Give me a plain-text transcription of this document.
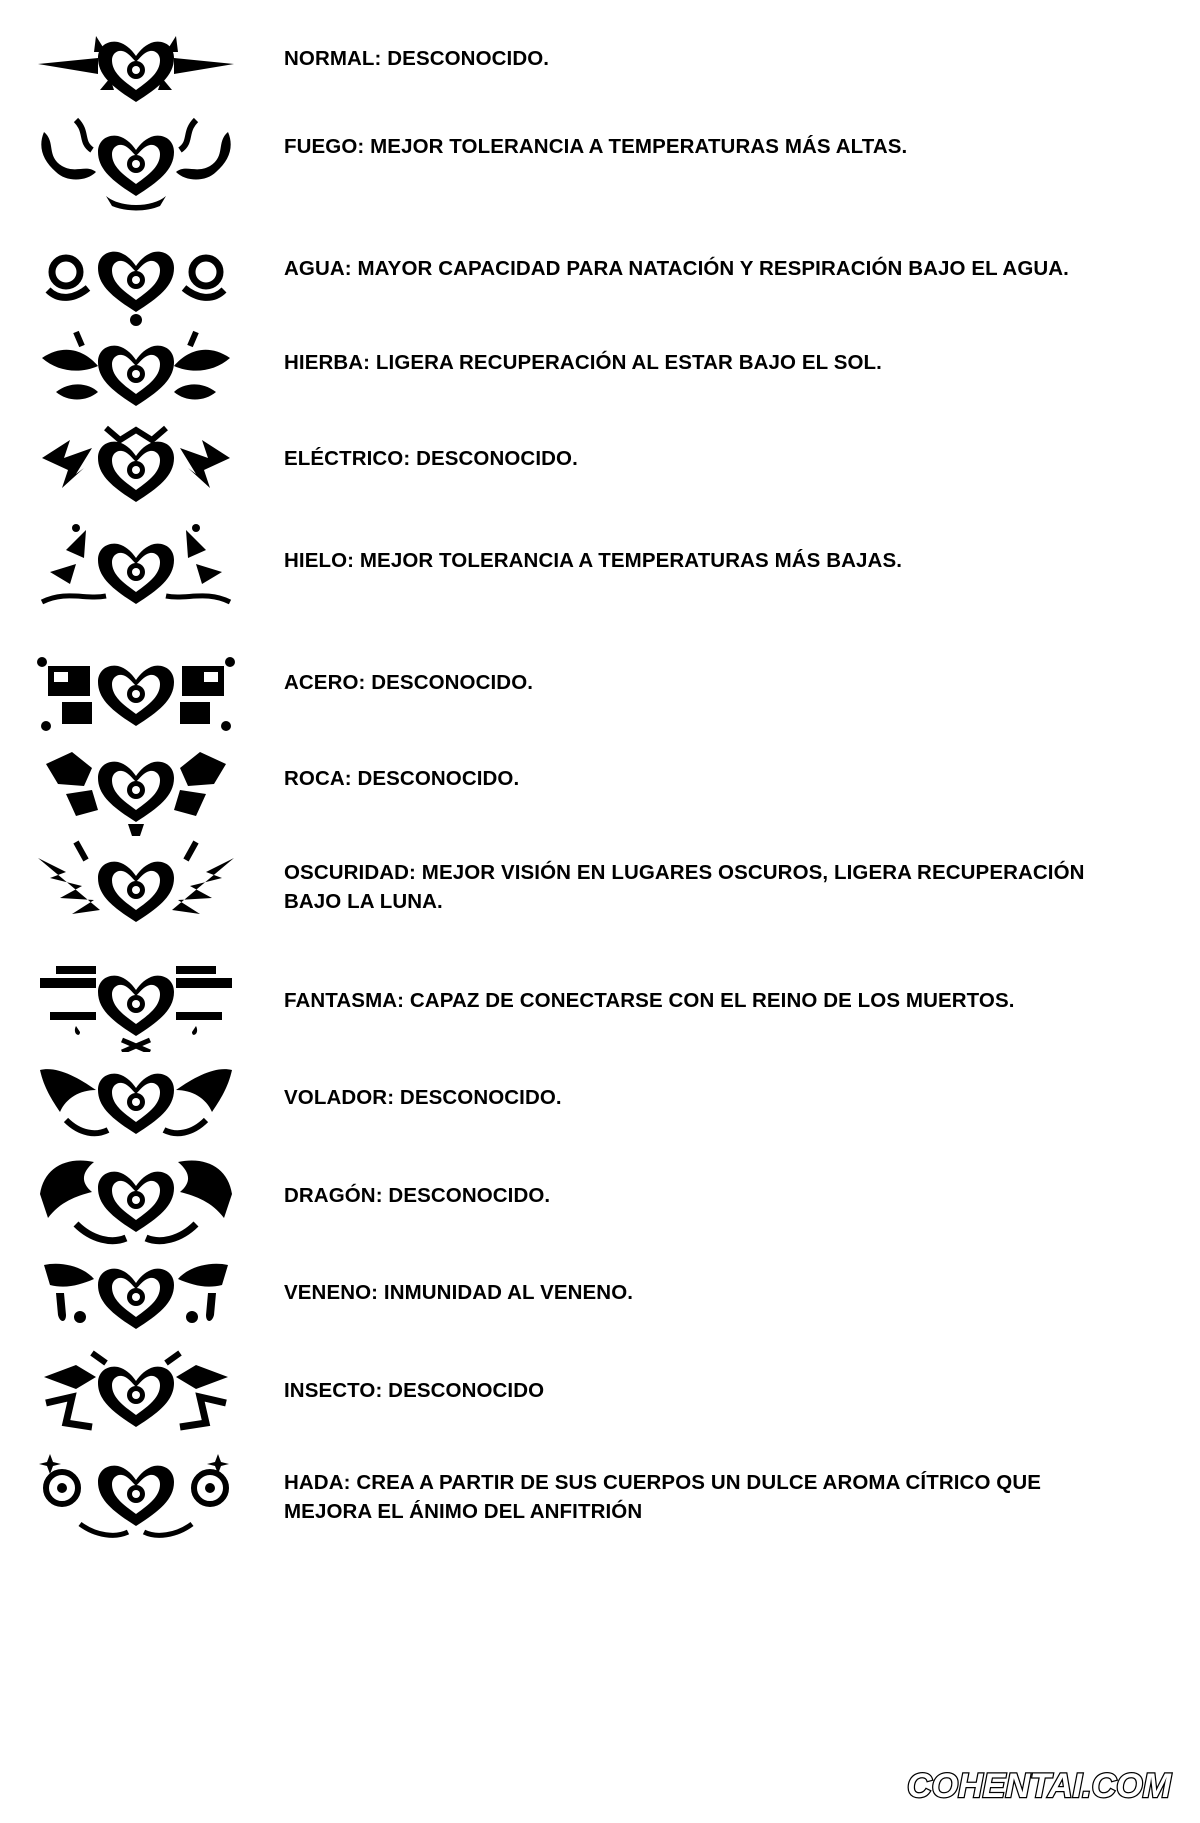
NORMAL: DESCONOCIDO.
FUEGO: MEJOR TOLERANCIA A TEMPERATURAS MÁS ALTAS.
AGUA: MAYOR CAPACIDAD PARA NATACIÓN Y RESPIRACIÓN BAJO EL AGUA.
HIERBA: LIGERA RECUPERACIÓN AL ESTAR BAJO EL SOL.
ELÉCTRICO: DESCONOCIDO.
HIELO: MEJOR TOLERANCIA A TEMPERATURAS MÁS BAJAS.
ACERO: DESCONOCIDO.
ROCA: DESCONOCIDO.
OSCURIDAD: MEJOR VISIÓN EN LUGARES OSCUROS, LIGERA RECUPERACIÓN BAJO LA LUNA.
FANTASMA: CAPAZ DE CONECTARSE CON EL REINO DE LOS MUERTOS.
VOLADOR: DESCONOCIDO.
DRAGÓN: DESCONOCIDO.
VENENO: INMUNIDAD AL VENENO.
INSECTO: DESCONOCIDO
HADA: CREA A PARTIR DE SUS CUERPOS UN DULCE AROMA CÍTRICO QUE MEJORA EL ÁNIMO DEL ANFITRIÓN
COHENTAI.COM
